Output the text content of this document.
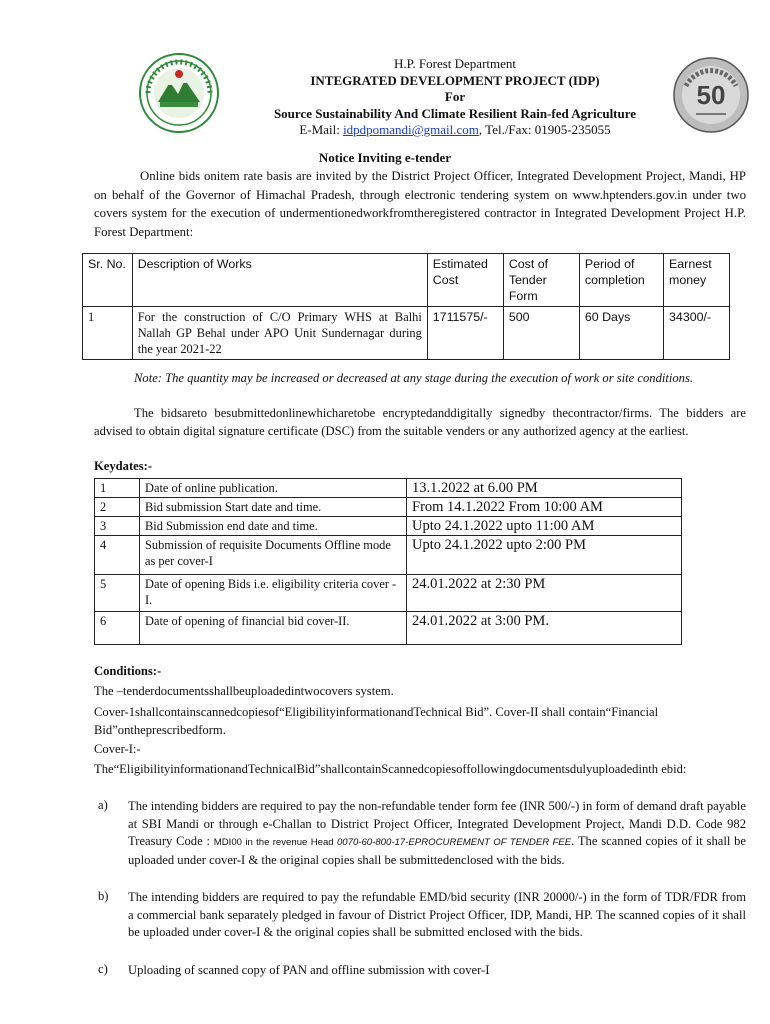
50
H.P. Forest Department
INTEGRATED DEVELOPMENT PROJECT (IDP)
For
Source Sustainability And Climate Resilient Rain-fed Agriculture
E-Mail: idpdpomandi@gmail.com, Tel./Fax: 01905-235055
Notice Inviting e-tender
Online bids onitem rate basis are invited by the District Project Officer, Integrated Development Project, Mandi, HP on behalf of the Governor of Himachal Pradesh, through electronic tendering system on www.hptenders.gov.in under two covers system for the execution of undermentionedworkfromtheregistered contractor in Integrated Development Project H.P. Forest Department:
Sr. No.	Description of Works	Estimated Cost	Cost of Tender Form	Period of completion	Earnest money
1	For the construction of C/O Primary WHS at Balhi Nallah GP Behal under APO Unit Sundernagar during the year 2021-22	1711575/-	500	60 Days	34300/-
Note: The quantity may be increased or decreased at any stage during the execution of work or site conditions.
The bidsareto besubmittedonlinewhicharetobe encryptedanddigitally signedby thecontractor/firms. The bidders are advised to obtain digital signature certificate (DSC) from the suitable venders or any authorized agency at the earliest.
Keydates:-
1	Date of online publication.	13.1.2022 at 6.00 PM
2	Bid submission Start date and time.	From 14.1.2022 From 10:00 AM
3	Bid Submission end date and time.	Upto 24.1.2022 upto 11:00 AM
4	Submission of requisite Documents Offline mode as per cover-I	Upto 24.1.2022 upto 2:00 PM
5	Date of opening Bids i.e. eligibility criteria cover -I.	24.01.2022 at 2:30 PM
6	Date of opening of financial bid cover-II.	24.01.2022 at 3:00 PM.
Conditions:-
The –tenderdocumentsshallbeuploadedintwocovers system.
Cover-1shallcontainscannedcopiesof“EligibilityinformationandTechnical Bid”. Cover-II shall contain“Financial Bid”ontheprescribedform.
Cover-I:-
The“EligibilityinformationandTechnicalBid”shallcontainScannedcopiesoffollowingdocumentsdulyuploadedinth ebid:
a)	The intending bidders are required to pay the non-refundable tender form fee (INR 500/-) in form of demand draft payable at SBI Mandi or through e-Challan to District Project Officer, Integrated Development Project, Mandi D.D. Code 982 Treasury Code : MDI00 in the revenue Head 0070-60-800-17-EPROCUREMENT OF TENDER FEE. The scanned copies of it shall be uploaded under cover-I & the original copies shall be submittedenclosed with the bids.
b)	The intending bidders are required to pay the refundable EMD/bid security (INR 20000/-) in the form of TDR/FDR from a commercial bank separately pledged in favour of District Project Officer, IDP, Mandi, HP. The scanned copies of it shall be uploaded under cover-I & the original copies shall be submitted enclosed with the bids.
c)	Uploading of scanned copy of PAN and offline submission with cover-I
